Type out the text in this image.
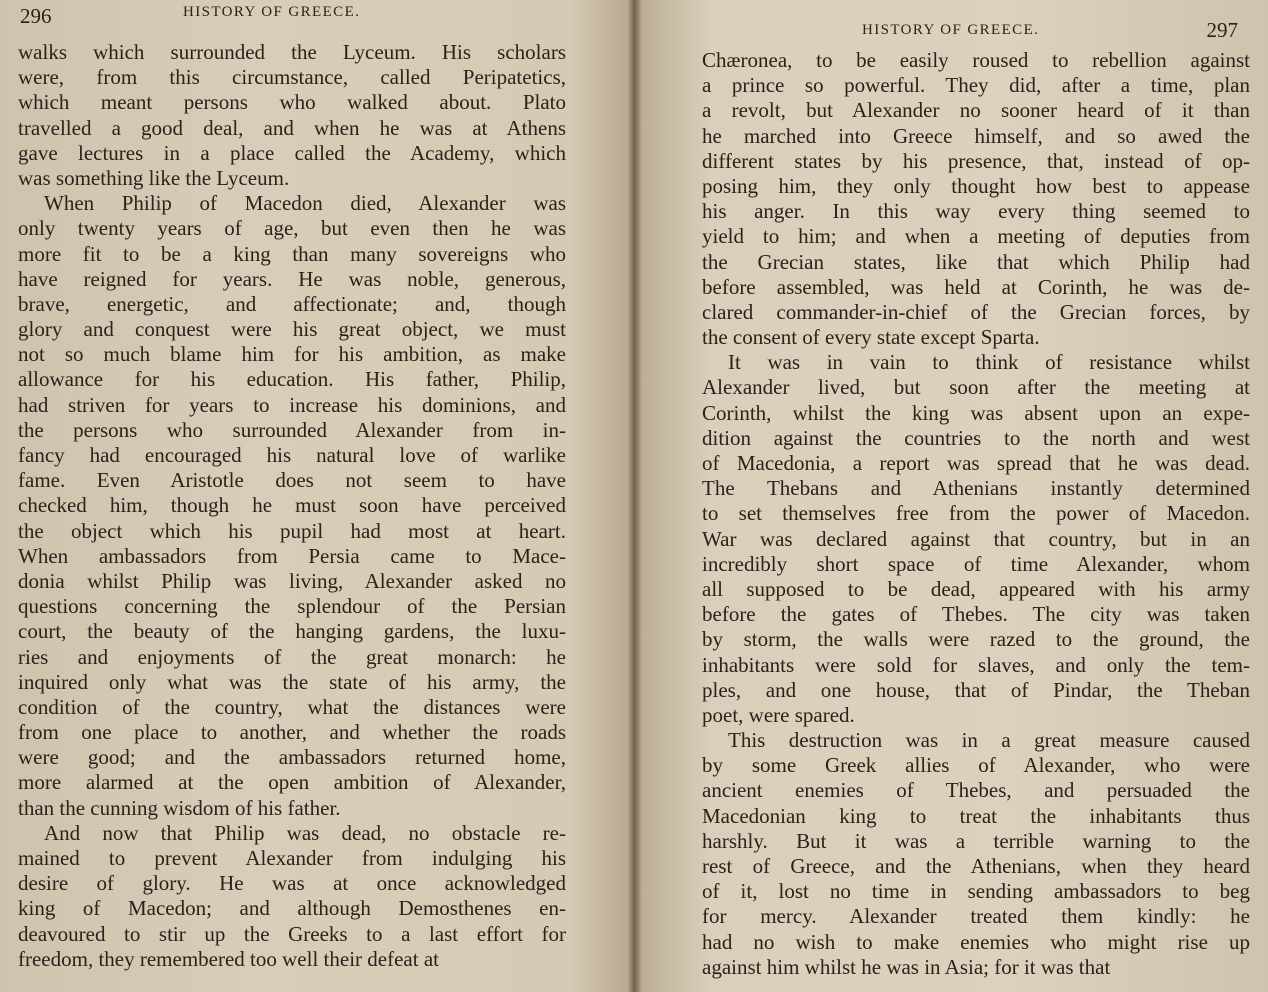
296	HISTORY OF GREECE.
walks which surrounded the Lyceum. His scholars
were, from this circumstance, called Peripatetics,
which meant persons who walked about. Plato
travelled a good deal, and when he was at Athens
gave lectures in a place called the Academy, which
was something like the Lyceum.
When Philip of Macedon died, Alexander was
only twenty years of age, but even then he was
more fit to be a king than many sovereigns who
have reigned for years. He was noble, generous,
brave, energetic, and affectionate; and, though
glory and conquest were his great object, we must
not so much blame him for his ambition, as make
allowance for his education. His father, Philip,
had striven for years to increase his dominions, and
the persons who surrounded Alexander from in-
fancy had encouraged his natural love of warlike
fame. Even Aristotle does not seem to have
checked him, though he must soon have perceived
the object which his pupil had most at heart.
When ambassadors from Persia came to Mace-
donia whilst Philip was living, Alexander asked no
questions concerning the splendour of the Persian
court, the beauty of the hanging gardens, the luxu-
ries and enjoyments of the great monarch: he
inquired only what was the state of his army, the
condition of the country, what the distances were
from one place to another, and whether the roads
were good; and the ambassadors returned home,
more alarmed at the open ambition of Alexander,
than the cunning wisdom of his father.
And now that Philip was dead, no obstacle re-
mained to prevent Alexander from indulging his
desire of glory. He was at once acknowledged
king of Macedon; and although Demosthenes en-
deavoured to stir up the Greeks to a last effort for
freedom, they remembered too well their defeat at
HISTORY OF GREECE.	297
Chæronea, to be easily roused to rebellion against
a prince so powerful. They did, after a time, plan
a revolt, but Alexander no sooner heard of it than
he marched into Greece himself, and so awed the
different states by his presence, that, instead of op-
posing him, they only thought how best to appease
his anger. In this way every thing seemed to
yield to him; and when a meeting of deputies from
the Grecian states, like that which Philip had
before assembled, was held at Corinth, he was de-
clared commander-in-chief of the Grecian forces, by
the consent of every state except Sparta.
It was in vain to think of resistance whilst
Alexander lived, but soon after the meeting at
Corinth, whilst the king was absent upon an expe-
dition against the countries to the north and west
of Macedonia, a report was spread that he was dead.
The Thebans and Athenians instantly determined
to set themselves free from the power of Macedon.
War was declared against that country, but in an
incredibly short space of time Alexander, whom
all supposed to be dead, appeared with his army
before the gates of Thebes. The city was taken
by storm, the walls were razed to the ground, the
inhabitants were sold for slaves, and only the tem-
ples, and one house, that of Pindar, the Theban
poet, were spared.
This destruction was in a great measure caused
by some Greek allies of Alexander, who were
ancient enemies of Thebes, and persuaded the
Macedonian king to treat the inhabitants thus
harshly. But it was a terrible warning to the
rest of Greece, and the Athenians, when they heard
of it, lost no time in sending ambassadors to beg
for mercy. Alexander treated them kindly: he
had no wish to make enemies who might rise up
against him whilst he was in Asia; for it was that
